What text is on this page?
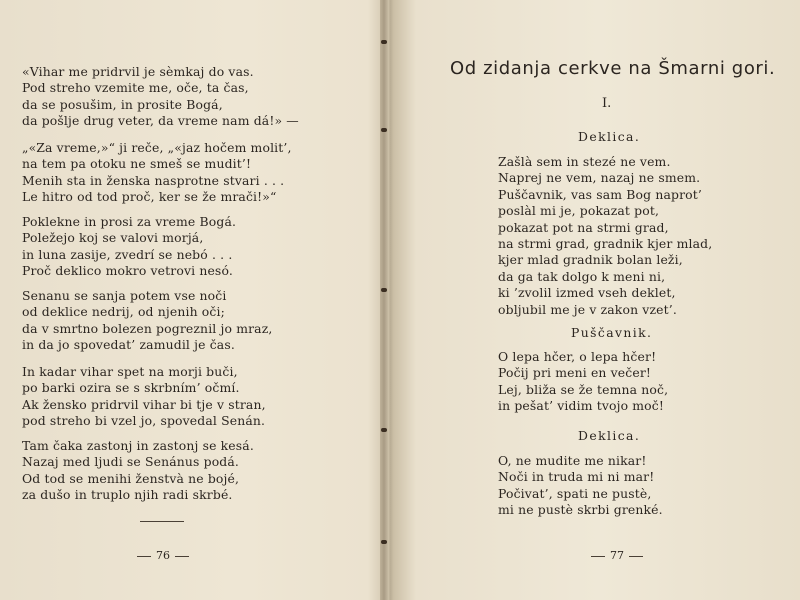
«Vihar me pridrvil je sèmkaj do vas.
Pod streho vzemite me, oče, ta čas,
da se posušim, in prosite Bogá,
da pošlje drug veter, da vreme nam dá!» —
„«Za vreme,»“ ji reče, „«jaz hočem molit’,
na tem pa otoku ne smeš se mudit’!
Menih sta in ženska nasprotne stvari . . .
Le hitro od tod proč, ker se že mrači!»“
Poklekne in prosi za vreme Bogá.
Poležejo koj se valovi morjá,
in luna zasije, zvedrí se nebó . . .
Proč deklico mokro vetrovi nesó.
Senanu se sanja potem vse noči
od deklice nedrij, od njenih oči;
da v smrtno bolezen pogreznil jo mraz,
in da jo spovedat’ zamudil je čas.
In kadar vihar spet na morji buči,
po barki ozira se s skrbním’ očmí.
Ak žensko pridrvil vihar bi tje v stran,
pod streho bi vzel jo, spovedal Senán.
Tam čaka zastonj in zastonj se kesá.
Nazaj med ljudi se Senánus podá.
Od tod se menihi ženstvà ne bojé,
za dušo in truplo njih radi skrbé.
76
Od zidanja cerkve na Šmarni gori.
I.
Deklica.
Zašlà sem in stezé ne vem.
Naprej ne vem, nazaj ne smem.
Puščavnik, vas sam Bog naprot’
poslàl mi je, pokazat pot,
pokazat pot na strmi grad,
na strmi grad, gradnik kjer mlad,
kjer mlad gradnik bolan leži,
da ga tak dolgo k meni ni,
ki ’zvolil izmed vseh deklet,
obljubil me je v zakon vzet’.
Puščavnik.
O lepa hčer, o lepa hčer!
Počij pri meni en večer!
Lej, bliža se že temna noč,
in pešat’ vidim tvojo moč!
Deklica.
O, ne mudite me nikar!
Noči in truda mi ni mar!
Počivat’, spati ne pustè,
mi ne pustè skrbi grenké.
77
